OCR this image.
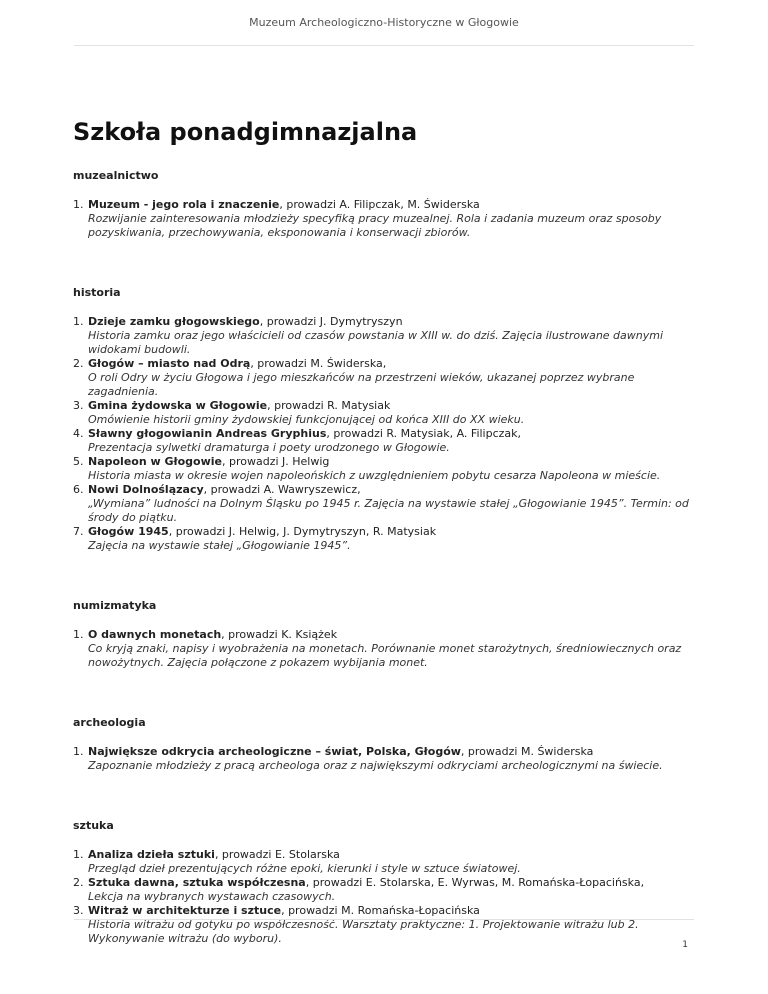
Muzeum Archeologiczno-Historyczne w Głogowie
Szkoła ponadgimnazjalna
muzealnictwo
1. Muzeum - jego rola i znaczenie, prowadzi A. Filipczak, M. Świderska
Rozwijanie zainteresowania młodzieży specyfiką pracy muzealnej. Rola i zadania muzeum oraz sposoby pozyskiwania, przechowywania, eksponowania i konserwacji zbiorów.
historia
1. Dzieje zamku głogowskiego, prowadzi J. Dymytryszyn
Historia zamku oraz jego właścicieli od czasów powstania w XIII w. do dziś. Zajęcia ilustrowane dawnymi widokami budowli.
2. Głogów – miasto nad Odrą, prowadzi M. Świderska,
O roli Odry w życiu Głogowa i jego mieszkańców na przestrzeni wieków, ukazanej poprzez wybrane zagadnienia.
3. Gmina żydowska w Głogowie, prowadzi R. Matysiak
Omówienie historii gminy żydowskiej funkcjonującej od końca XIII do XX wieku.
4. Sławny głogowianin Andreas Gryphius, prowadzi R. Matysiak, A. Filipczak,
Prezentacja sylwetki dramaturga i poety urodzonego w Głogowie.
5. Napoleon w Głogowie, prowadzi J. Helwig
Historia miasta w okresie wojen napoleońskich z uwzględnieniem pobytu cesarza Napoleona w mieście.
6. Nowi Dolnoślązacy, prowadzi A. Wawryszewicz,
„Wymiana” ludności na Dolnym Śląsku po 1945 r. Zajęcia na wystawie stałej „Głogowianie 1945”. Termin: od środy do piątku.
7. Głogów 1945, prowadzi J. Helwig, J. Dymytryszyn, R. Matysiak
Zajęcia na wystawie stałej „Głogowianie 1945”.
numizmatyka
1. O dawnych monetach, prowadzi K. Książek
Co kryją znaki, napisy i wyobrażenia na monetach. Porównanie monet starożytnych, średniowiecznych oraz nowożytnych. Zajęcia połączone z pokazem wybijania monet.
archeologia
1. Największe odkrycia archeologiczne – świat, Polska, Głogów, prowadzi M. Świderska
Zapoznanie młodzieży z pracą archeologa oraz z największymi odkryciami archeologicznymi na świecie.
sztuka
1. Analiza dzieła sztuki, prowadzi E. Stolarska
Przegląd dzieł prezentujących różne epoki, kierunki i style w sztuce światowej.
2. Sztuka dawna, sztuka współczesna, prowadzi E. Stolarska, E. Wyrwas, M. Romańska-Łopacińska,
Lekcja na wybranych wystawach czasowych.
3. Witraż w architekturze i sztuce, prowadzi M. Romańska-Łopacińska
Historia witrażu od gotyku po współczesność. Warsztaty praktyczne: 1. Projektowanie witrażu lub 2. Wykonywanie witrażu (do wyboru).	1
